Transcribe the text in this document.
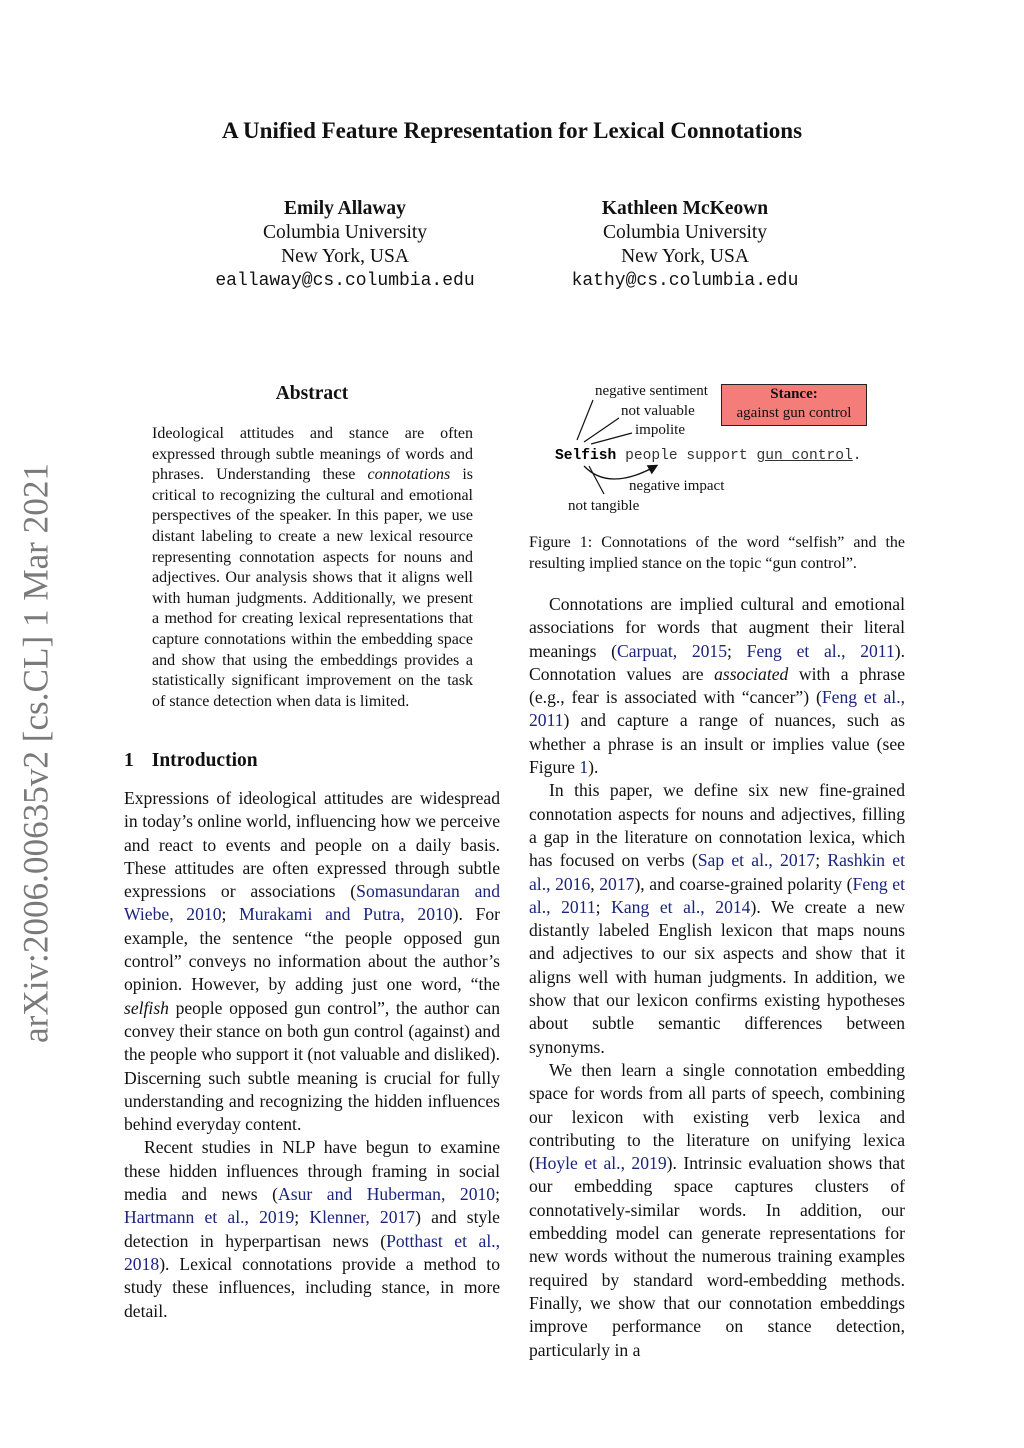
A Unified Feature Representation for Lexical Connotations
Emily Allaway
Columbia University
New York, USA
eallaway@cs.columbia.edu
Kathleen McKeown
Columbia University
New York, USA
kathy@cs.columbia.edu
arXiv:2006.00635v2 [cs.CL] 1 Mar 2021
Abstract
Ideological attitudes and stance are often expressed through subtle meanings of words and phrases. Understanding these connotations is critical to recognizing the cultural and emotional perspectives of the speaker. In this paper, we use distant labeling to create a new lexical resource representing connotation aspects for nouns and adjectives. Our analysis shows that it aligns well with human judgments. Additionally, we present a method for creating lexical representations that capture connotations within the embedding space and show that using the embeddings provides a statistically significant improvement on the task of stance detection when data is limited.
1 Introduction

Expressions of ideological attitudes are widespread in today’s online world, influencing how we perceive and react to events and people on a daily basis. These attitudes are often expressed through subtle expressions or associations (Somasundaran and Wiebe, 2010; Murakami and Putra, 2010). For example, the sentence “the people opposed gun control” conveys no information about the author’s opinion. However, by adding just one word, “the selfish people opposed gun control”, the author can convey their stance on both gun control (against) and the people who support it (not valuable and disliked). Discerning such subtle meaning is crucial for fully understanding and recognizing the hidden influences behind everyday content.

Recent studies in NLP have begun to examine these hidden influences through framing in social media and news (Asur and Huberman, 2010; Hartmann et al., 2019; Klenner, 2017) and style detection in hyperpartisan news (Potthast et al., 2018). Lexical connotations provide a method to study these influences, including stance, in more detail.

negative sentiment
not valuable
impolite
negative impact
not tangible
Stance:
against gun control
Selfish people support gun control.
Figure 1: Connotations of the word “selfish” and the resulting implied stance on the topic “gun control”.

Connotations are implied cultural and emotional associations for words that augment their literal meanings (Carpuat, 2015; Feng et al., 2011). Connotation values are associated with a phrase (e.g., fear is associated with “cancer”) (Feng et al., 2011) and capture a range of nuances, such as whether a phrase is an insult or implies value (see Figure 1).

In this paper, we define six new fine-grained connotation aspects for nouns and adjectives, filling a gap in the literature on connotation lexica, which has focused on verbs (Sap et al., 2017; Rashkin et al., 2016, 2017), and coarse-grained polarity (Feng et al., 2011; Kang et al., 2014). We create a new distantly labeled English lexicon that maps nouns and adjectives to our six aspects and show that it aligns well with human judgments. In addition, we show that our lexicon confirms existing hypotheses about subtle semantic differences between synonyms.

We then learn a single connotation embedding space for words from all parts of speech, combining our lexicon with existing verb lexica and contributing to the literature on unifying lexica (Hoyle et al., 2019). Intrinsic evaluation shows that our embedding space captures clusters of connotatively-similar words. In addition, our embedding model can generate representations for new words without the numerous training examples required by standard word-embedding methods. Finally, we show that our connotation embeddings improve performance on stance detection, particularly in a
